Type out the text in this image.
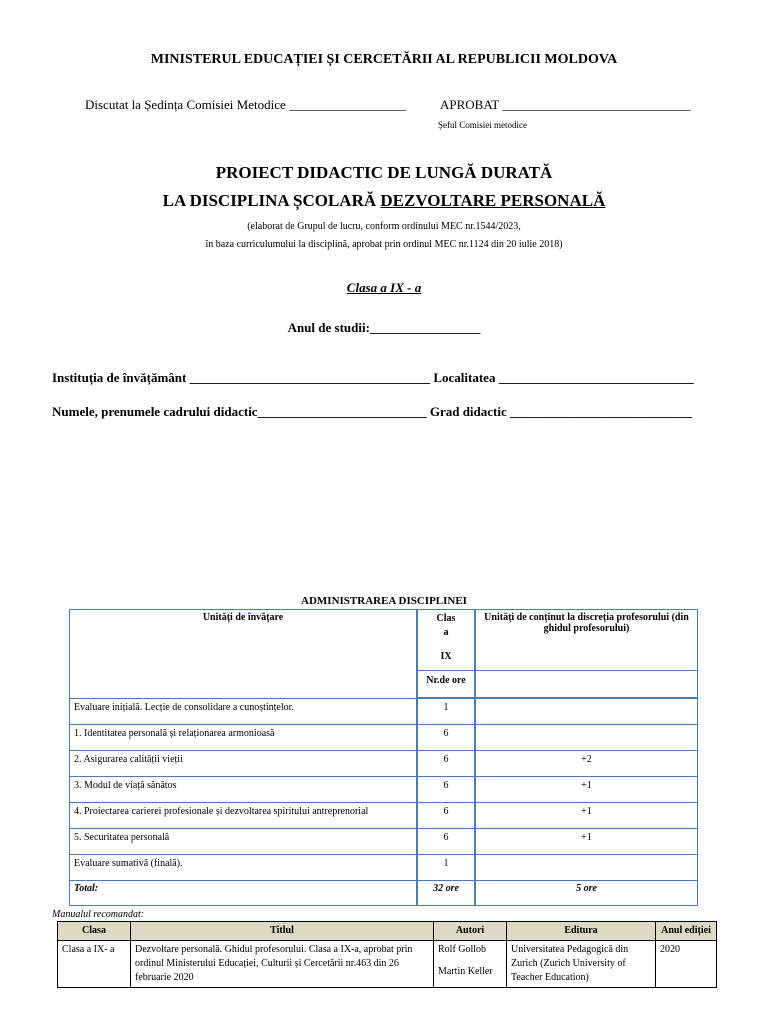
MINISTERUL EDUCAȚIEI ȘI CERCETĂRII AL REPUBLICII MOLDOVA
Discutat la Ședința Comisiei Metodice __________________	APROBAT _____________________________
Șeful Comisiei metodice
PROIECT DIDACTIC DE LUNGĂ DURATĂ
LA DISCIPLINA ȘCOLARĂ DEZVOLTARE PERSONALĂ
(elaborat de Grupul de lucru, conform ordinului MEC nr.1544/2023,
în baza curriculumului la disciplină, aprobat prin ordinul MEC nr.1124 din 20 iulie 2018)
Clasa a IX - a
Anul de studii:_________________
Instituția de învățământ _____________________________________ Localitatea ______________________________
Numele, prenumele cadrului didactic__________________________ Grad didactic ____________________________
ADMINISTRAREA DISCIPLINEI
Unități de învățare	Clas
a
IX	Unități de conținut la discreția profesorului (din ghidul profesorului)
	Nr.de ore	
Evaluare inițială. Lecție de consolidare a cunoștințelor.	1	
1. Identitatea personală și relaționarea armonioasă	6	
2. Asigurarea calității vieții	6	+2
3. Modul de viață sănătos	6	+1
4. Proiectarea carierei profesionale și dezvoltarea spiritului antreprenorial	6	+1
5. Securitatea personală	6	+1
Evaluare sumativă (finală).	1	
Total:	32 ore	5 ore
Manualul recomandat:
Clasa	Titlul	Autori	Editura	Anul ediției
Clasa a IX- a	Dezvoltare personală. Ghidul profesorului. Clasa a IX-a, aprobat prin ordinul Ministerului Educației, Culturii și Cercetării nr.463 din 26 februarie 2020	Rolf Gollob
Martin Keller	Universitatea Pedagogică din Zurich (Zurich University of Teacher Education)	2020
